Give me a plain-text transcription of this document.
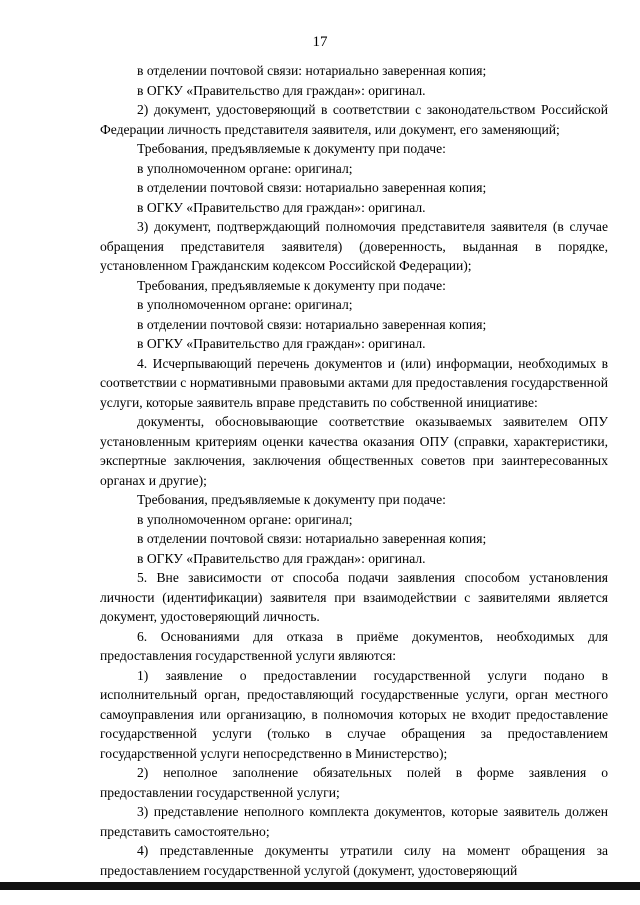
17

в отделении почтовой связи: нотариально заверенная копия;

в ОГКУ «Правительство для граждан»: оригинал.

2) документ, удостоверяющий в соответствии с законодательством Российской Федерации личность представителя заявителя, или документ, его заменяющий;

Требования, предъявляемые к документу при подаче:

в уполномоченном органе: оригинал;

в отделении почтовой связи: нотариально заверенная копия;

в ОГКУ «Правительство для граждан»: оригинал.

3) документ, подтверждающий полномочия представителя заявителя (в случае обращения представителя заявителя) (доверенность, выданная в порядке, установленном Гражданским кодексом Российской Федерации);

Требования, предъявляемые к документу при подаче:

в уполномоченном органе: оригинал;

в отделении почтовой связи: нотариально заверенная копия;

в ОГКУ «Правительство для граждан»: оригинал.

4. Исчерпывающий перечень документов и (или) информации, необходимых в соответствии с нормативными правовыми актами для предоставления государственной услуги, которые заявитель вправе представить по собственной инициативе:

документы, обосновывающие соответствие оказываемых заявителем ОПУ установленным критериям оценки качества оказания ОПУ (справки, характеристики, экспертные заключения, заключения общественных советов при заинтересованных органах и другие);

Требования, предъявляемые к документу при подаче:

в уполномоченном органе: оригинал;

в отделении почтовой связи: нотариально заверенная копия;

в ОГКУ «Правительство для граждан»: оригинал.

5. Вне зависимости от способа подачи заявления способом установления личности (идентификации) заявителя при взаимодействии с заявителями является документ, удостоверяющий личность.

6. Основаниями для отказа в приёме документов, необходимых для предоставления государственной услуги являются:

1) заявление о предоставлении государственной услуги подано в исполнительный орган, предоставляющий государственные услуги, орган местного самоуправления или организацию, в полномочия которых не входит предоставление государственной услуги (только в случае обращения за предоставлением государственной услуги непосредственно в Министерство);

2) неполное заполнение обязательных полей в форме заявления о предоставлении государственной услуги;

3) представление неполного комплекта документов, которые заявитель должен представить самостоятельно;

4) представленные документы утратили силу на момент обращения за предоставлением государственной услугой (документ, удостоверяющий
